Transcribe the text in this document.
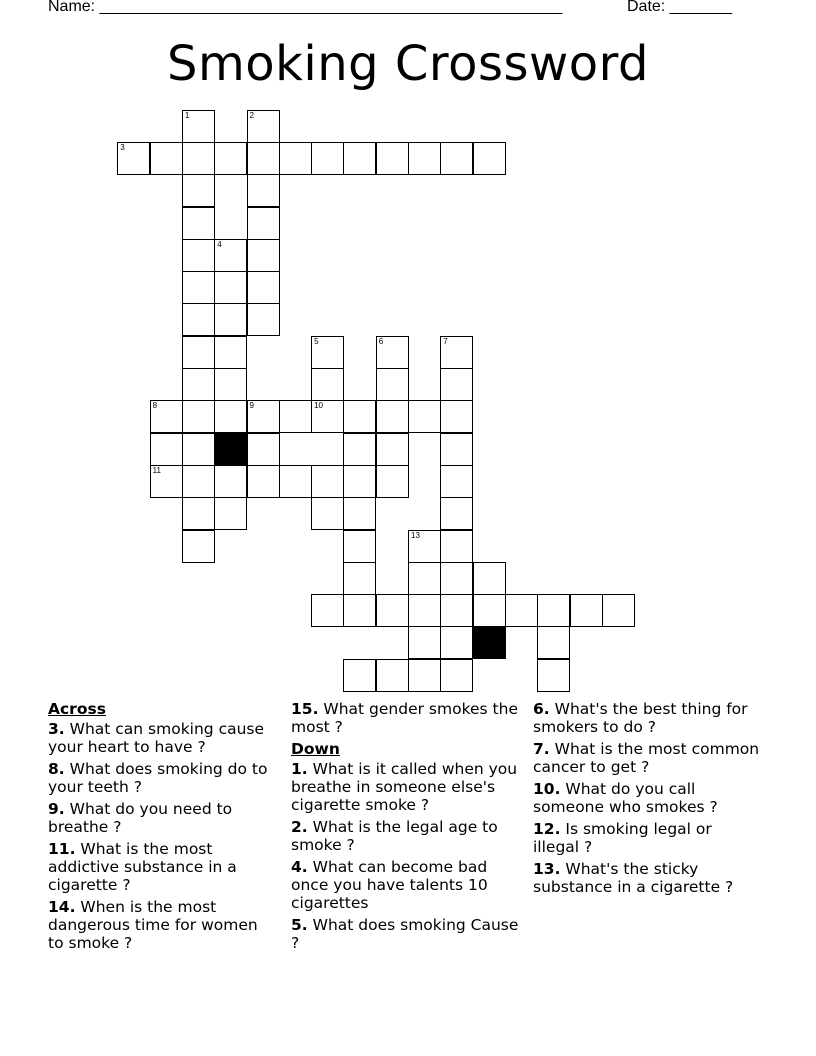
Name: ____________________________________________________	Date: _______
Smoking Crossword
1	2
3
4
5	6	7
8	9	10
11
13
Across
3. What can smoking cause your heart to have ?
8. What does smoking do to your teeth ?
9. What do you need to breathe ?
11. What is the most addictive substance in a cigarette ?
14. When is the most dangerous time for women to smoke ?
15. What gender smokes the most ?
Down
1. What is it called when you breathe in someone else's cigarette smoke ?
2. What is the legal age to smoke ?
4. What can become bad once you have talents 10 cigarettes
5. What does smoking Cause ?
6. What's the best thing for smokers to do ?
7. What is the most common cancer to get ?
10. What do you call someone who smokes ?
12. Is smoking legal or illegal ?
13. What's the sticky substance in a cigarette ?
